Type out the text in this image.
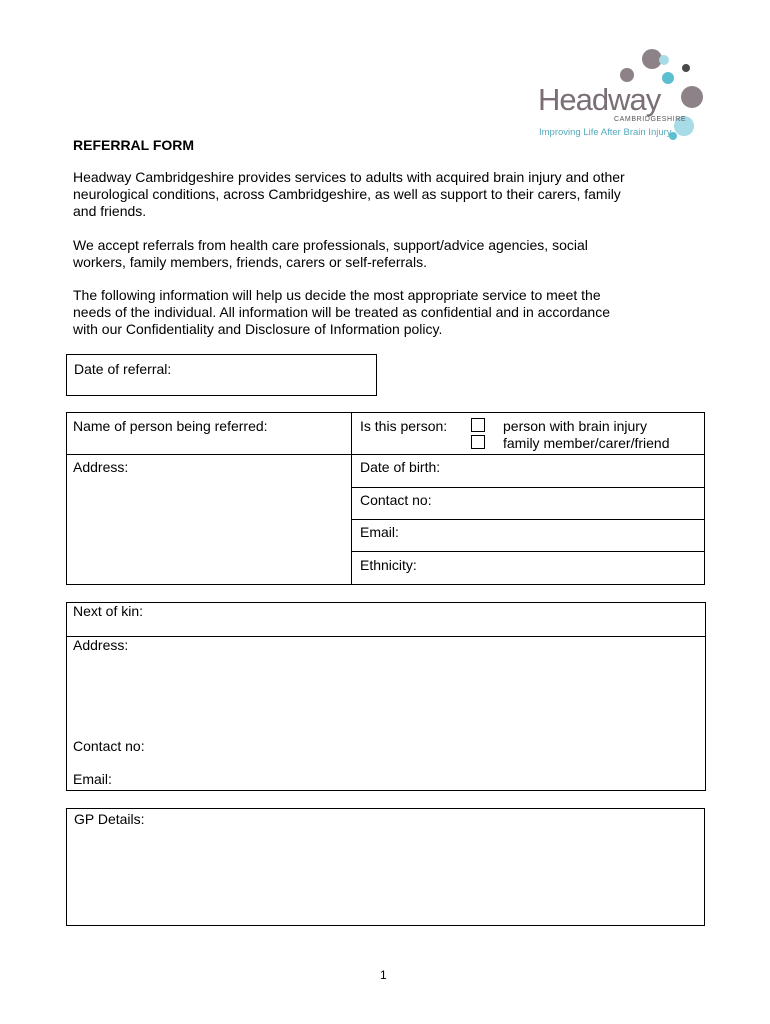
Headway
CAMBRIDGESHIRE
Improving Life After Brain Injury
REFERRAL FORM

Headway Cambridgeshire provides services to adults with acquired brain injury and other
neurological conditions, across Cambridgeshire, as well as support to their carers, family
and friends.

We accept referrals from health care professionals, support/advice agencies, social
workers, family members, friends, carers or self-referrals.

The following information will help us decide the most appropriate service to meet the
needs of the individual. All information will be treated as confidential and in accordance
with our Confidentiality and Disclosure of Information policy.

Date of referral:
Name of person being referred:	Is this person:	person with brain injury
family member/carer/friend
Address:	Date of birth:
Contact no:
Email:
Ethnicity:
Next of kin:
Address:
Contact no:
Email:
GP Details:
1
